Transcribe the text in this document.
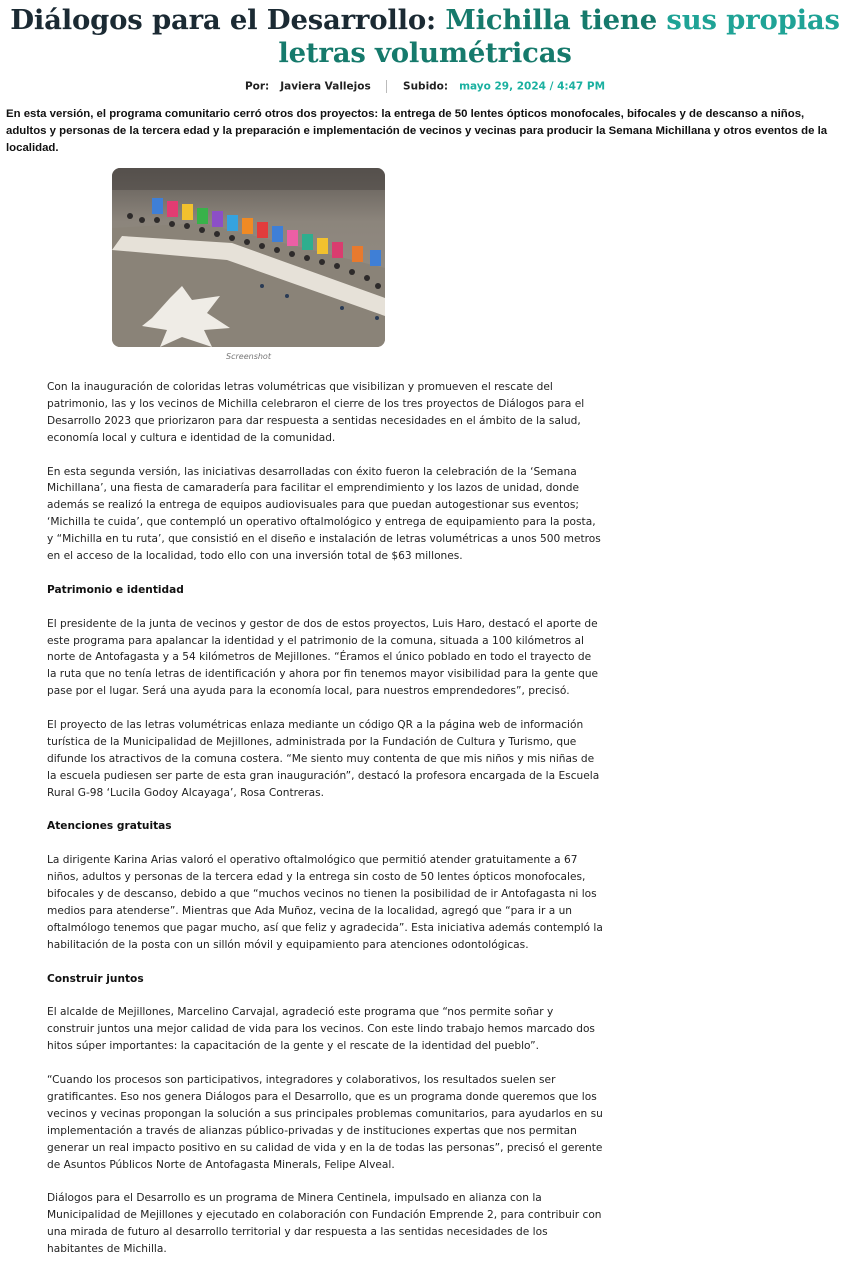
Diálogos para el Desarrollo: Michilla tiene sus propias
letras volumétricas
Por: Javiera Vallejos	Subido: mayo 29, 2024 / 4:47 PM

En esta versión, el programa comunitario cerró otros dos proyectos: la entrega de 50 lentes ópticos monofocales, bifocales y de descanso a niños, adultos y personas de la tercera edad y la preparación e implementación de vecinos y vecinas para producir la Semana Michillana y otros eventos de la localidad.

Screenshot

Con la inauguración de coloridas letras volumétricas que visibilizan y promueven el rescate del patrimonio, las y los vecinos de Michilla celebraron el cierre de los tres proyectos de Diálogos para el Desarrollo 2023 que priorizaron para dar respuesta a sentidas necesidades en el ámbito de la salud, economía local y cultura e identidad de la comunidad.

En esta segunda versión, las iniciativas desarrolladas con éxito fueron la celebración de la ‘Semana Michillana’, una fiesta de camaradería para facilitar el emprendimiento y los lazos de unidad, donde además se realizó la entrega de equipos audiovisuales para que puedan autogestionar sus eventos; ‘Michilla te cuida’, que contempló un operativo oftalmológico y entrega de equipamiento para la posta, y “Michilla en tu ruta’, que consistió en el diseño e instalación de letras volumétricas a unos 500 metros en el acceso de la localidad, todo ello con una inversión total de $63 millones.

Patrimonio e identidad

El presidente de la junta de vecinos y gestor de dos de estos proyectos, Luis Haro, destacó el aporte de este programa para apalancar la identidad y el patrimonio de la comuna, situada a 100 kilómetros al norte de Antofagasta y a 54 kilómetros de Mejillones. “Éramos el único poblado en todo el trayecto de la ruta que no tenía letras de identificación y ahora por fin tenemos mayor visibilidad para la gente que pase por el lugar. Será una ayuda para la economía local, para nuestros emprendedores”, precisó.

El proyecto de las letras volumétricas enlaza mediante un código QR a la página web de información turística de la Municipalidad de Mejillones, administrada por la Fundación de Cultura y Turismo, que difunde los atractivos de la comuna costera. “Me siento muy contenta de que mis niños y mis niñas de la escuela pudiesen ser parte de esta gran inauguración”, destacó la profesora encargada de la Escuela Rural G-98 ‘Lucila Godoy Alcayaga’, Rosa Contreras.

Atenciones gratuitas

La dirigente Karina Arias valoró el operativo oftalmológico que permitió atender gratuitamente a 67 niños, adultos y personas de la tercera edad y la entrega sin costo de 50 lentes ópticos monofocales, bifocales y de descanso, debido a que “muchos vecinos no tienen la posibilidad de ir Antofagasta ni los medios para atenderse”. Mientras que Ada Muñoz, vecina de la localidad, agregó que “para ir a un oftalmólogo tenemos que pagar mucho, así que feliz y agradecida”. Esta iniciativa además contempló la habilitación de la posta con un sillón móvil y equipamiento para atenciones odontológicas.

Construir juntos

El alcalde de Mejillones, Marcelino Carvajal, agradeció este programa que “nos permite soñar y construir juntos una mejor calidad de vida para los vecinos. Con este lindo trabajo hemos marcado dos hitos súper importantes: la capacitación de la gente y el rescate de la identidad del pueblo”.

“Cuando los procesos son participativos, integradores y colaborativos, los resultados suelen ser gratificantes. Eso nos genera Diálogos para el Desarrollo, que es un programa donde queremos que los vecinos y vecinas propongan la solución a sus principales problemas comunitarios, para ayudarlos en su implementación a través de alianzas público-privadas y de instituciones expertas que nos permitan generar un real impacto positivo en su calidad de vida y en la de todas las personas”, precisó el gerente de Asuntos Públicos Norte de Antofagasta Minerals, Felipe Alveal.

Diálogos para el Desarrollo es un programa de Minera Centinela, impulsado en alianza con la Municipalidad de Mejillones y ejecutado en colaboración con Fundación Emprende 2, para contribuir con una mirada de futuro al desarrollo territorial y dar respuesta a las sentidas necesidades de los habitantes de Michilla.
